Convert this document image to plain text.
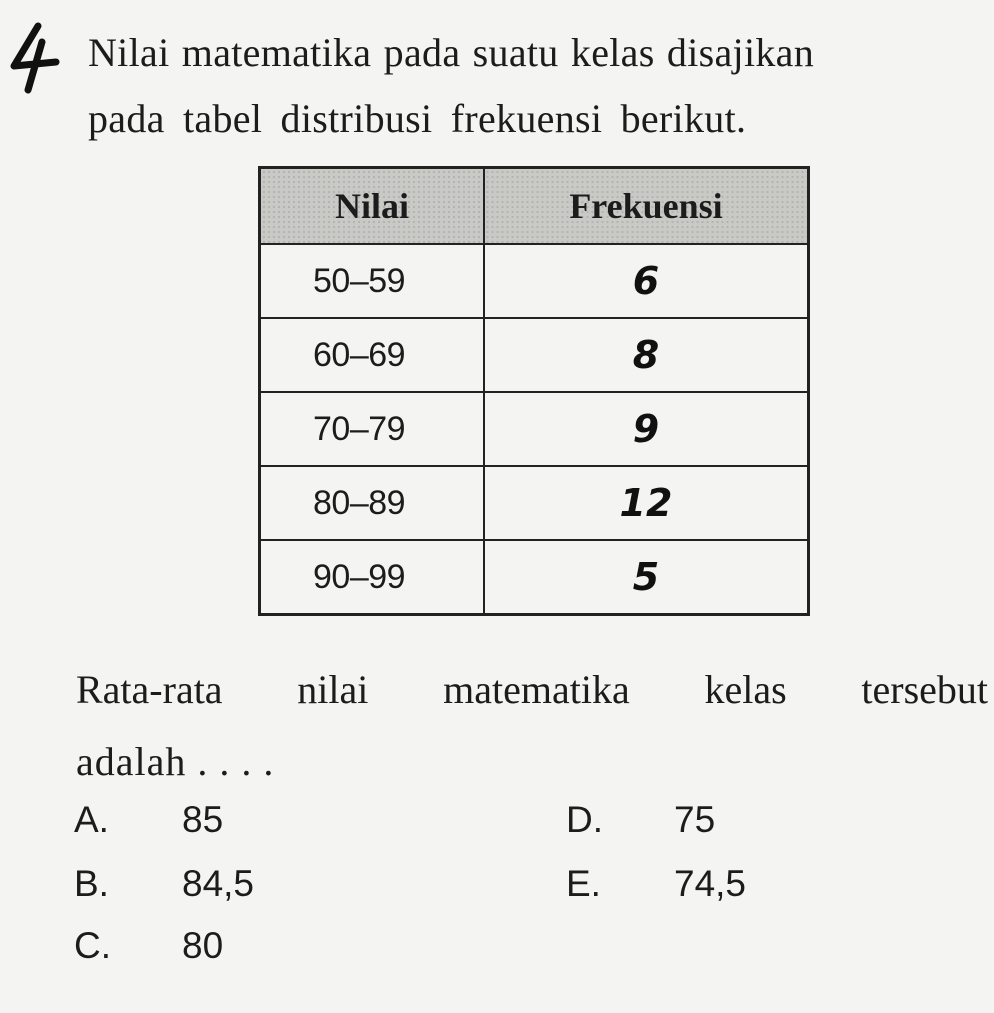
Nilai matematika pada suatu kelas disajikan
pada tabel distribusi frekuensi berikut.
Nilai	Frekuensi
50–59	6
60–69	8
70–79	9
80–89	12
90–99	5
Rata-rata nilai matematika kelas tersebut
adalah . . . .
A. 85
B. 84,5
C. 80
D. 75
E. 74,5
